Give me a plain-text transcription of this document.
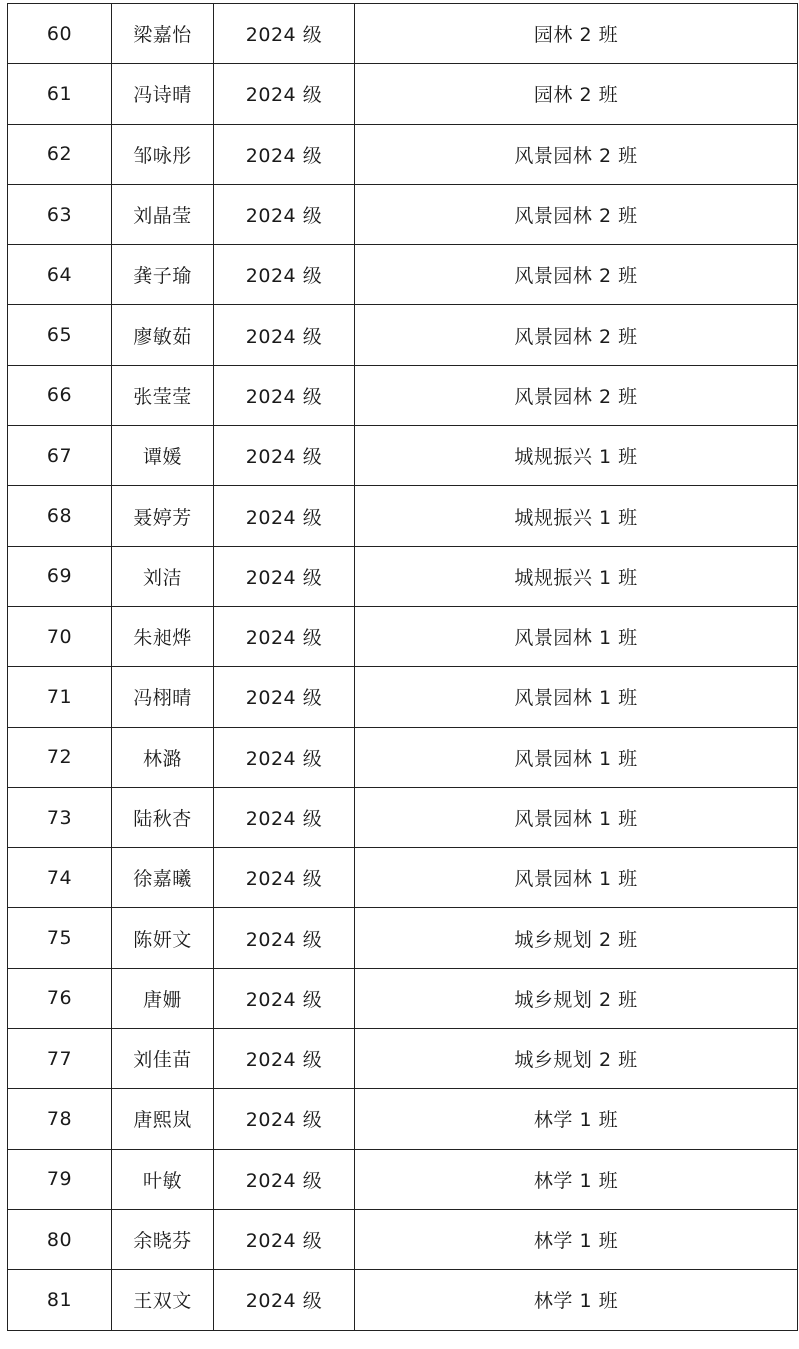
60	梁嘉怡	2024 级	园林 2 班
61	冯诗晴	2024 级	园林 2 班
62	邹咏彤	2024 级	风景园林 2 班
63	刘晶莹	2024 级	风景园林 2 班
64	龚子瑜	2024 级	风景园林 2 班
65	廖敏茹	2024 级	风景园林 2 班
66	张莹莹	2024 级	风景园林 2 班
67	谭媛	2024 级	城规振兴 1 班
68	聂婷芳	2024 级	城规振兴 1 班
69	刘洁	2024 级	城规振兴 1 班
70	朱昶烨	2024 级	风景园林 1 班
71	冯栩晴	2024 级	风景园林 1 班
72	林潞	2024 级	风景园林 1 班
73	陆秋杏	2024 级	风景园林 1 班
74	徐嘉曦	2024 级	风景园林 1 班
75	陈妍文	2024 级	城乡规划 2 班
76	唐姗	2024 级	城乡规划 2 班
77	刘佳苗	2024 级	城乡规划 2 班
78	唐熙岚	2024 级	林学 1 班
79	叶敏	2024 级	林学 1 班
80	余晓芬	2024 级	林学 1 班
81	王双文	2024 级	林学 1 班
